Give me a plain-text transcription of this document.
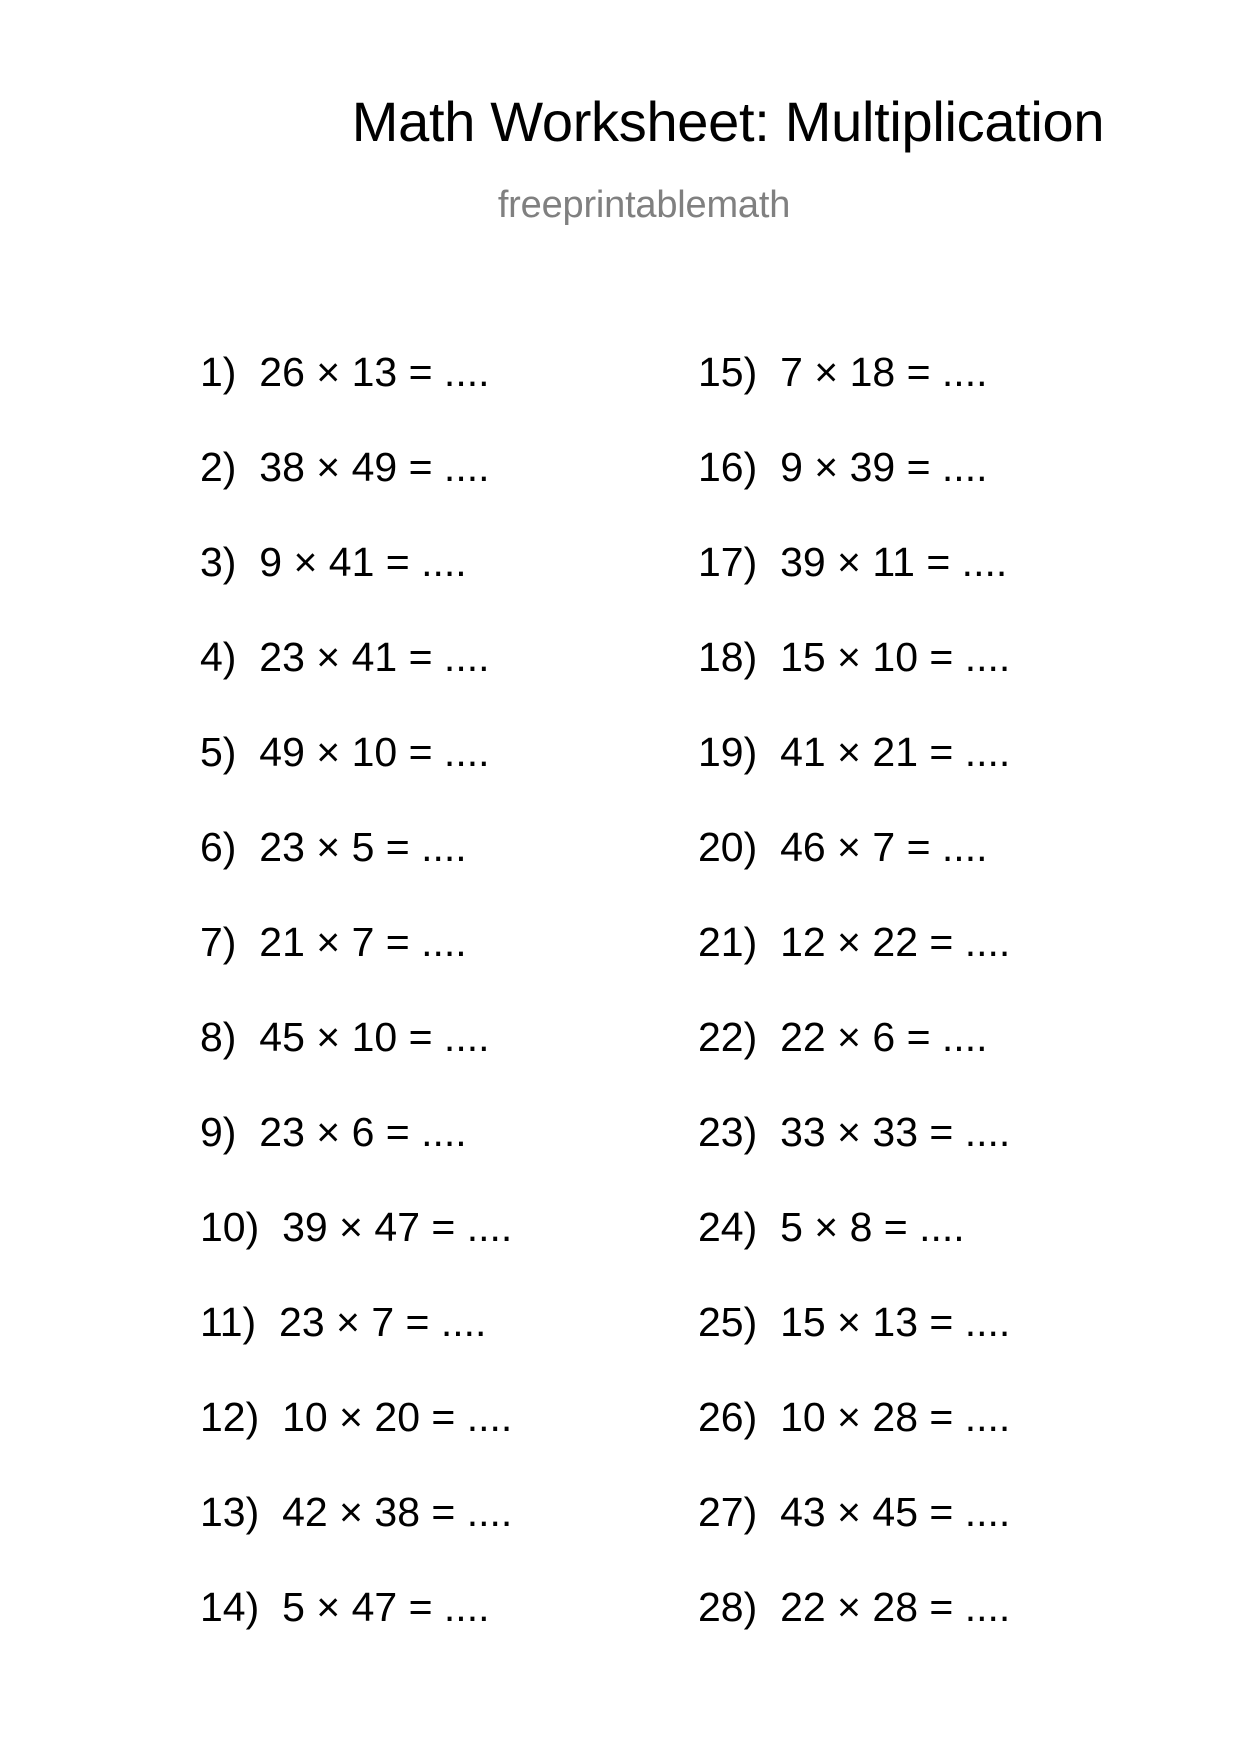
Math Worksheet: Multiplication
freeprintablemath
1) 26 × 13 = ....
2) 38 × 49 = ....
3) 9 × 41 = ....
4) 23 × 41 = ....
5) 49 × 10 = ....
6) 23 × 5 = ....
7) 21 × 7 = ....
8) 45 × 10 = ....
9) 23 × 6 = ....
10) 39 × 47 = ....
11) 23 × 7 = ....
12) 10 × 20 = ....
13) 42 × 38 = ....
14) 5 × 47 = ....
15) 7 × 18 = ....
16) 9 × 39 = ....
17) 39 × 11 = ....
18) 15 × 10 = ....
19) 41 × 21 = ....
20) 46 × 7 = ....
21) 12 × 22 = ....
22) 22 × 6 = ....
23) 33 × 33 = ....
24) 5 × 8 = ....
25) 15 × 13 = ....
26) 10 × 28 = ....
27) 43 × 45 = ....
28) 22 × 28 = ....
